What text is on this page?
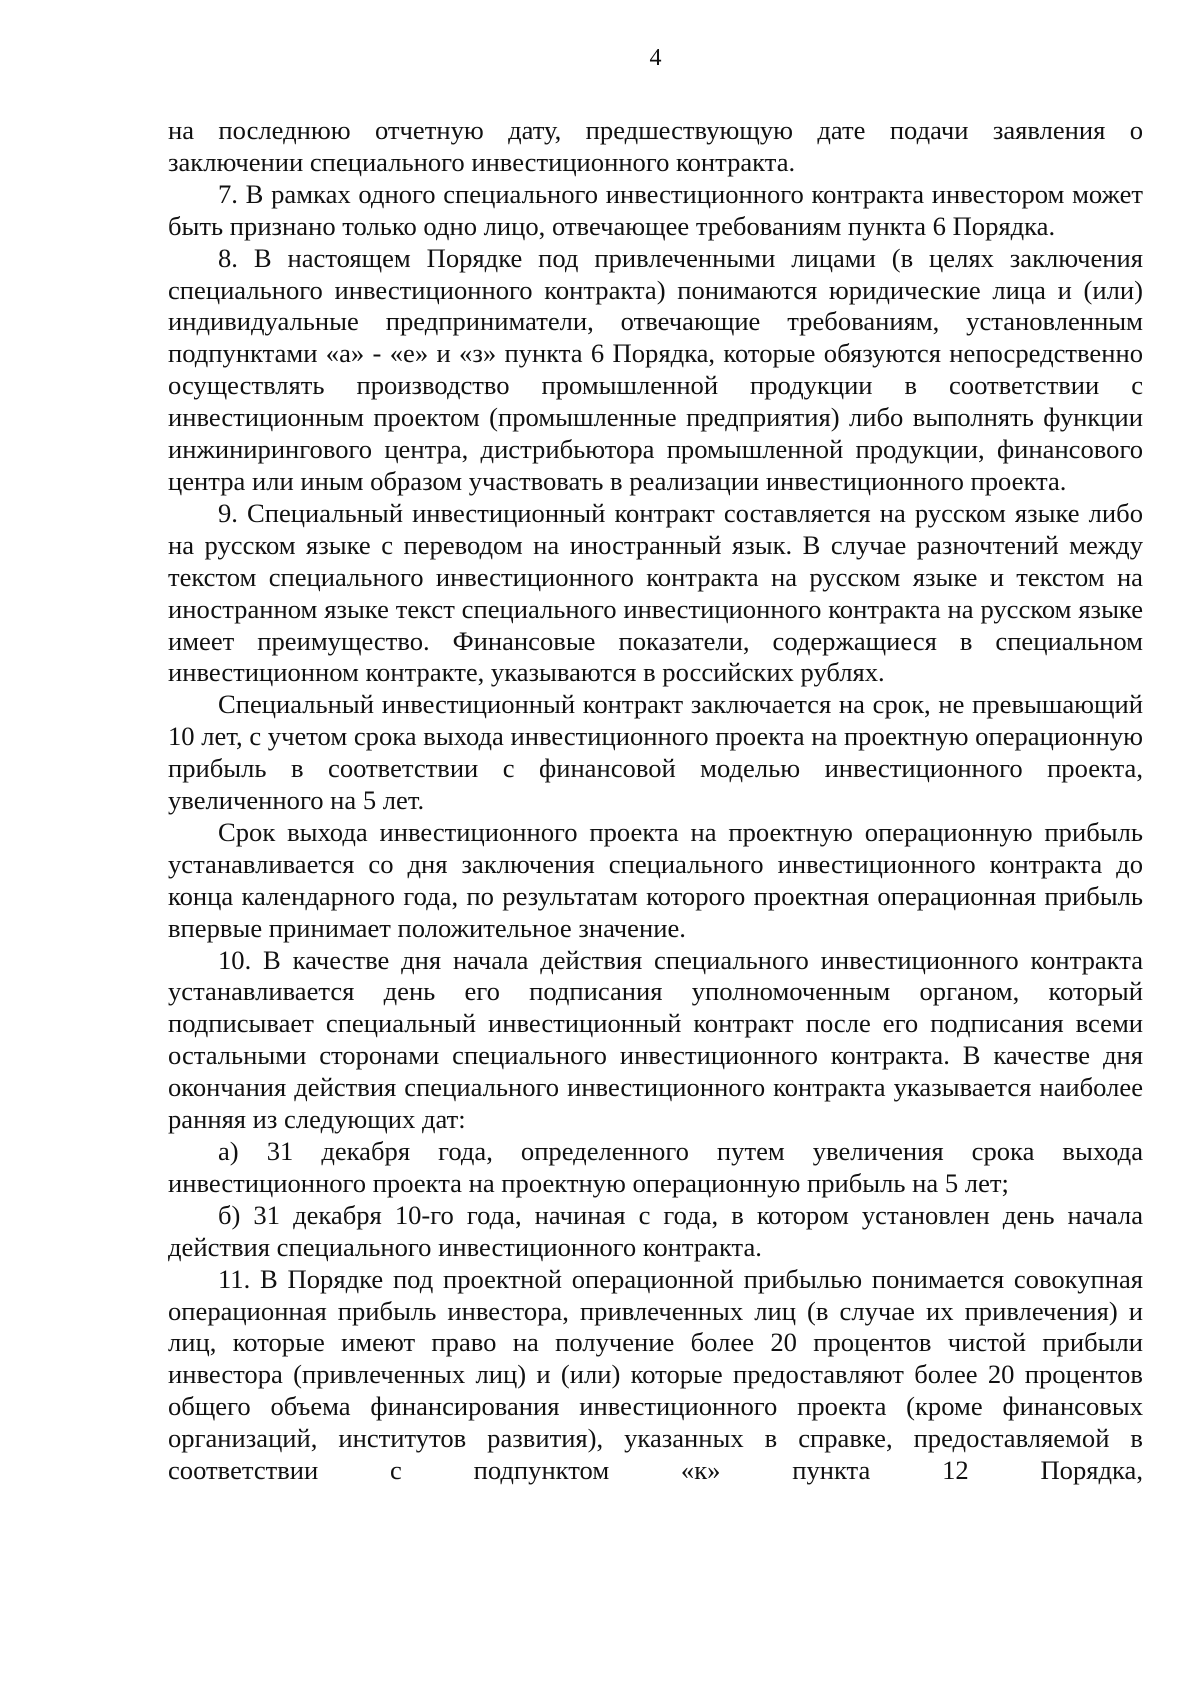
4

на последнюю отчетную дату, предшествующую дате подачи заявления о заключении специального инвестиционного контракта.

7. В рамках одного специального инвестиционного контракта инвестором может быть признано только одно лицо, отвечающее требованиям пункта 6 Порядка.

8. В настоящем Порядке под привлеченными лицами (в целях заключения специального инвестиционного контракта) понимаются юридические лица и (или) индивидуальные предприниматели, отвечающие требованиям, установленным подпунктами «а» - «е» и «з» пункта 6 Порядка, которые обязуются непосредственно осуществлять производство промышленной продукции в соответствии с инвестиционным проектом (промышленные предприятия) либо выполнять функции инжинирингового центра, дистрибьютора промышленной продукции, финансового центра или иным образом участвовать в реализации инвестиционного проекта.

9. Специальный инвестиционный контракт составляется на русском языке либо на русском языке с переводом на иностранный язык. В случае разночтений между текстом специального инвестиционного контракта на русском языке и текстом на иностранном языке текст специального инвестиционного контракта на русском языке имеет преимущество. Финансовые показатели, содержащиеся в специальном инвестиционном контракте, указываются в российских рублях.

Специальный инвестиционный контракт заключается на срок, не превышающий 10 лет, с учетом срока выхода инвестиционного проекта на проектную операционную прибыль в соответствии с финансовой моделью инвестиционного проекта, увеличенного на 5 лет.

Срок выхода инвестиционного проекта на проектную операционную прибыль устанавливается со дня заключения специального инвестиционного контракта до конца календарного года, по результатам которого проектная операционная прибыль впервые принимает положительное значение.

10. В качестве дня начала действия специального инвестиционного контракта устанавливается день его подписания уполномоченным органом, который подписывает специальный инвестиционный контракт после его подписания всеми остальными сторонами специального инвестиционного контракта. В качестве дня окончания действия специального инвестиционного контракта указывается наиболее ранняя из следующих дат:

а) 31 декабря года, определенного путем увеличения срока выхода инвестиционного проекта на проектную операционную прибыль на 5 лет;

б) 31 декабря 10-го года, начиная с года, в котором установлен день начала действия специального инвестиционного контракта.

11. В Порядке под проектной операционной прибылью понимается совокупная операционная прибыль инвестора, привлеченных лиц (в случае их привлечения) и лиц, которые имеют право на получение более 20 процентов чистой прибыли инвестора (привлеченных лиц) и (или) которые предоставляют более 20 процентов общего объема финансирования инвестиционного проекта (кроме финансовых организаций, институтов развития), указанных в справке, предоставляемой в соответствии с подпунктом «к» пункта 12 Порядка,
